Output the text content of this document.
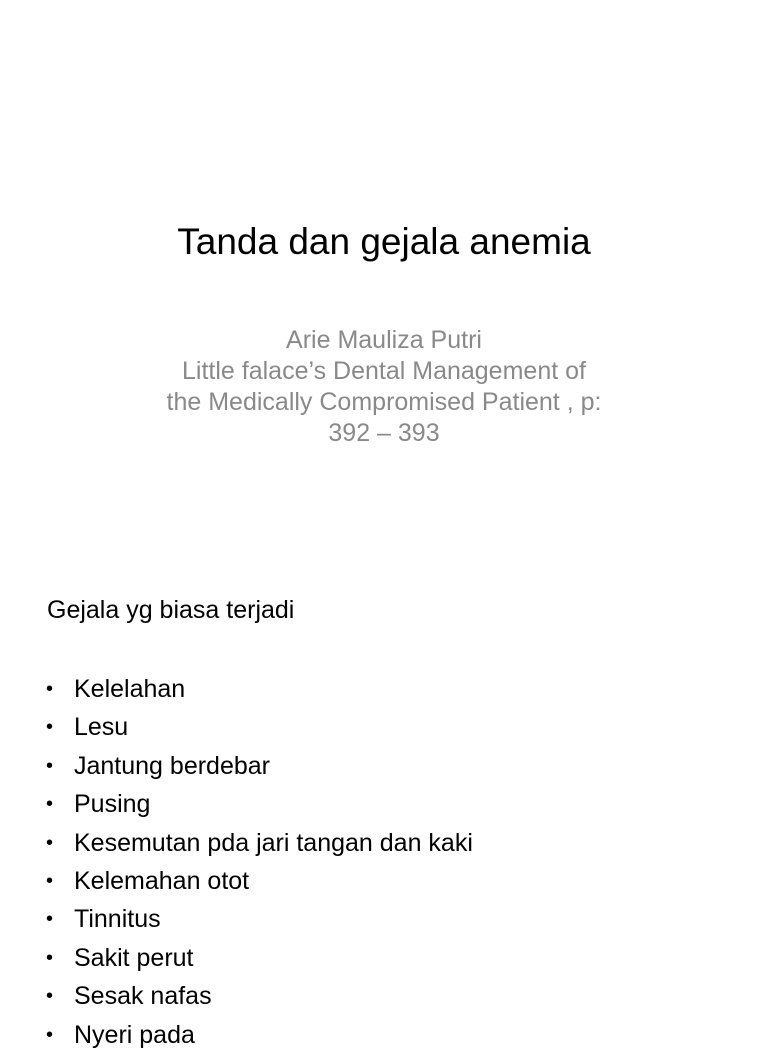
Tanda dan gejala anemia
Arie Mauliza Putri
Little falace’s Dental Management of
the Medically Compromised Patient , p:
392 – 393
Gejala yg biasa terjadi
• Kelelahan
• Lesu
• Jantung berdebar
• Pusing
• Kesemutan pda jari tangan dan kaki
• Kelemahan otot
• Tinnitus
• Sakit perut
• Sesak nafas
• Nyeri pada
